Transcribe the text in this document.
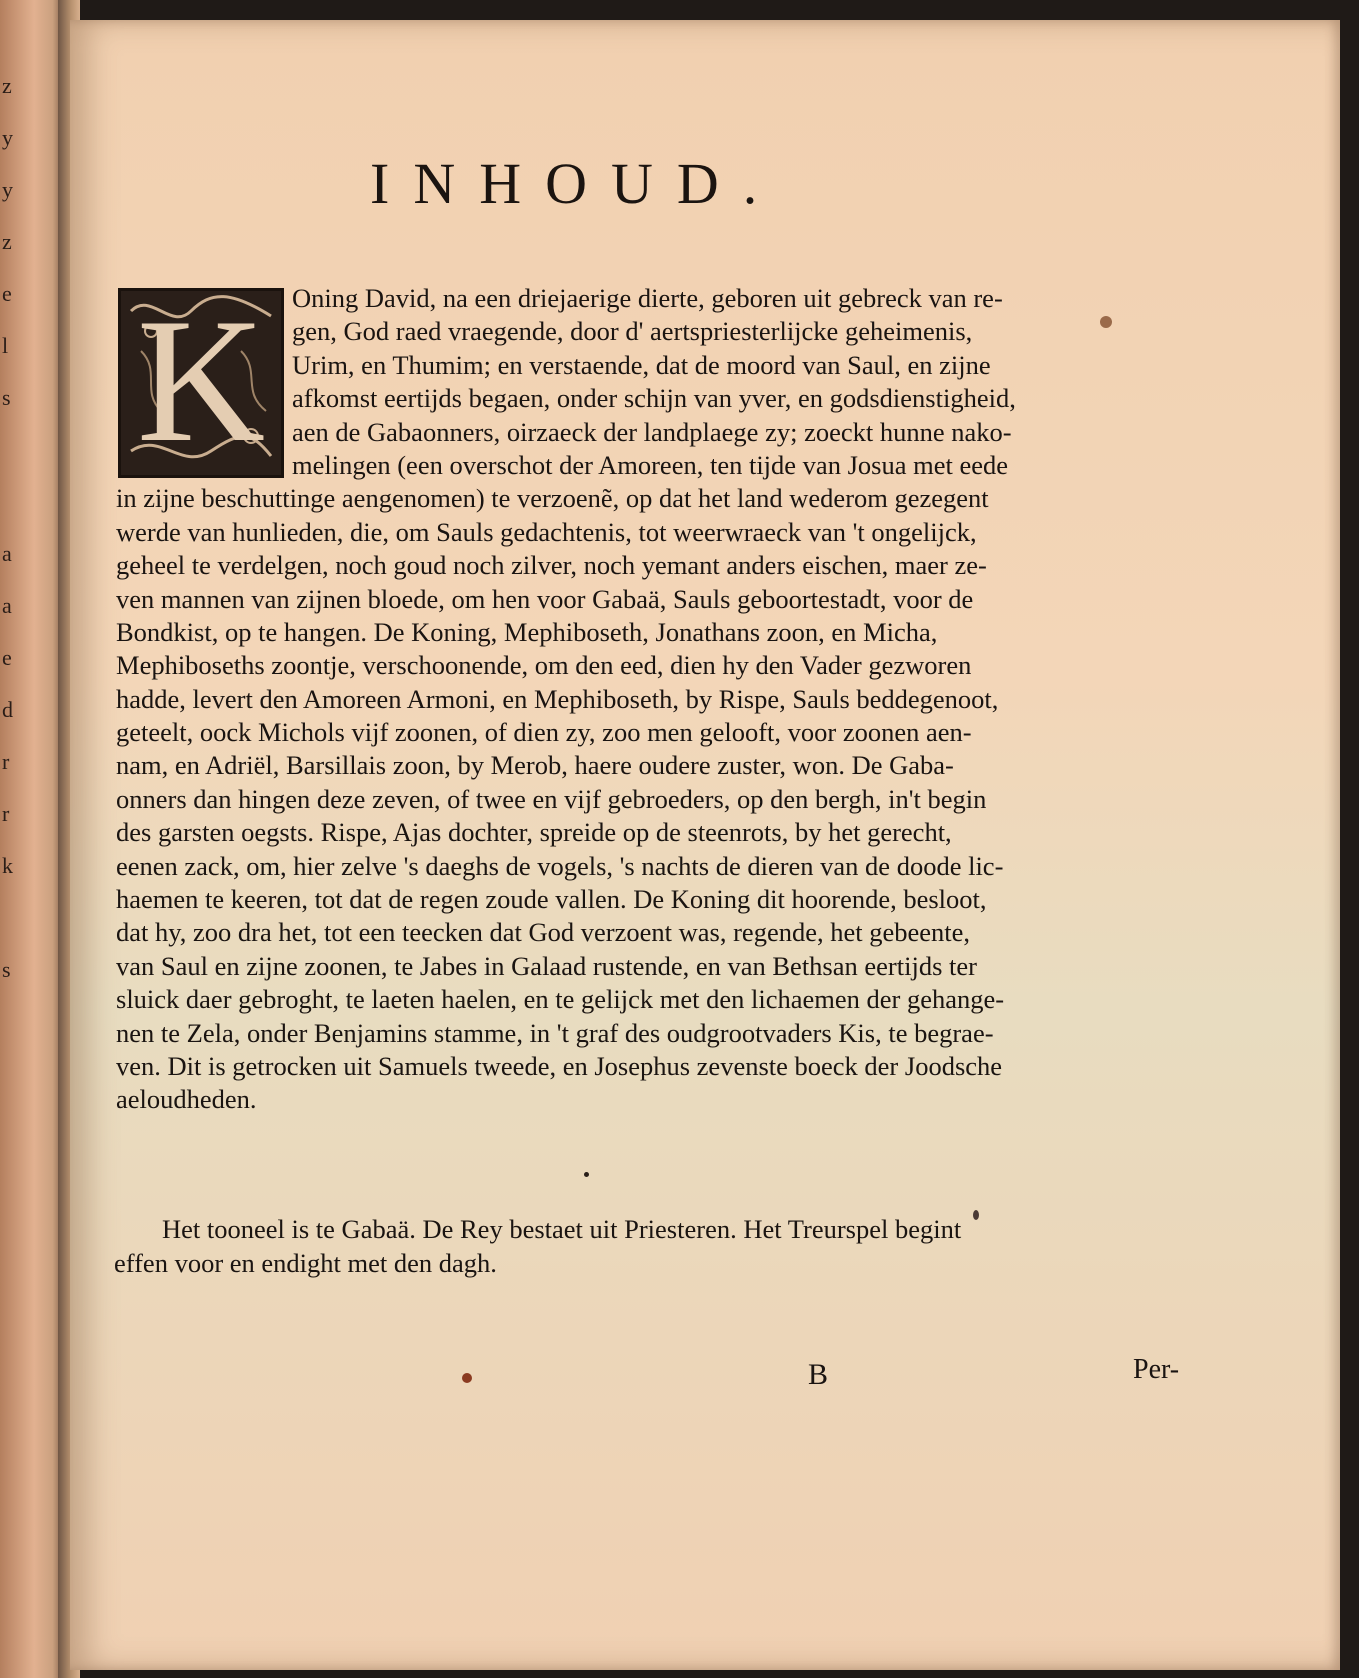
z
y
y
z
e
l
s
a
a
e
d
r
r
k
s
INHOUD.
K	Oning David, na een driejaerige dierte, geboren uit gebreck van re-
gen, God raed vraegende, door d' aertspriesterlijcke geheimenis,
Urim, en Thumim; en verstaende, dat de moord van Saul, en zijne
afkomst eertijds begaen, onder schijn van yver, en godsdienstigheid,
aen de Gabaonners, oirzaeck der landplaege zy; zoeckt hunne nako-
melingen (een overschot der Amoreen, ten tijde van Josua met eede
in zijne beschuttinge aengenomen) te verzoenẽ, op dat het land wederom gezegent
werde van hunlieden, die, om Sauls gedachtenis, tot weerwraeck van 't ongelijck,
geheel te verdelgen, noch goud noch zilver, noch yemant anders eischen, maer ze-
ven mannen van zijnen bloede, om hen voor Gabaä, Sauls geboortestadt, voor de
Bondkist, op te hangen. De Koning, Mephiboseth, Jonathans zoon, en Micha,
Mephiboseths zoontje, verschoonende, om den eed, dien hy den Vader gezworen
hadde, levert den Amoreen Armoni, en Mephiboseth, by Rispe, Sauls beddegenoot,
geteelt, oock Michols vijf zoonen, of dien zy, zoo men gelooft, voor zoonen aen-
nam, en Adriël, Barsillais zoon, by Merob, haere oudere zuster, won. De Gaba-
onners dan hingen deze zeven, of twee en vijf gebroeders, op den bergh, in't begin
des garsten oegsts. Rispe, Ajas dochter, spreide op de steenrots, by het gerecht,
eenen zack, om, hier zelve 's daeghs de vogels, 's nachts de dieren van de doode lic-
haemen te keeren, tot dat de regen zoude vallen. De Koning dit hoorende, besloot,
dat hy, zoo dra het, tot een teecken dat God verzoent was, regende, het gebeente,
van Saul en zijne zoonen, te Jabes in Galaad rustende, en van Bethsan eertijds ter
sluick daer gebroght, te laeten haelen, en te gelijck met den lichaemen der gehange-
nen te Zela, onder Benjamins stamme, in 't graf des oudgrootvaders Kis, te begrae-
ven. Dit is getrocken uit Samuels tweede, en Josephus zevenste boeck der Joodsche
aeloudheden.
Het tooneel is te Gabaä. De Rey bestaet uit Priesteren. Het Treurspel begint
effen voor en endight met den dagh.
B	Per-
